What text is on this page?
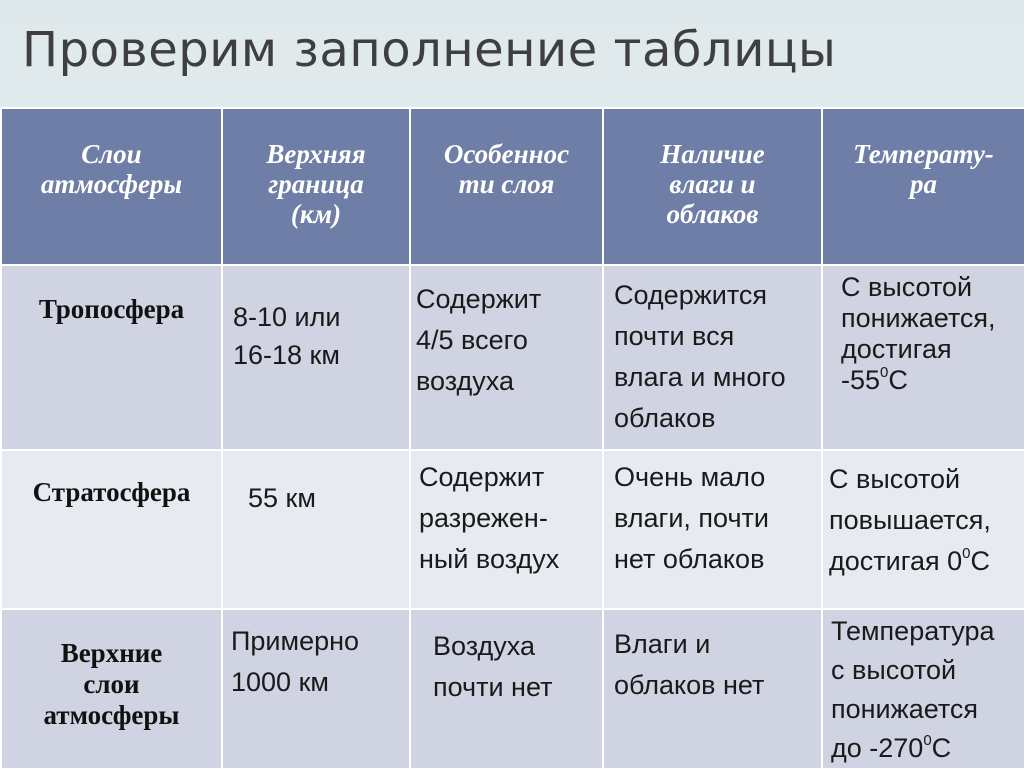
Проверим заполнение таблицы
Слои
атмосферы	Верхняя
граница
(км)	Особеннос
ти слоя	Наличие
влаги и
облаков	Температу-
ра

Тропосфера	8-10 или
16-18 км	Содержит
4/5 всего
воздуха	Содержится
почти вся
влага и много
облаков	С высотой
понижается,
достигая
$-55^0С$

Стратосфера	55 км	Содержит
разрежен-
ный воздух	Очень мало
влаги, почти
нет облаков	С высотой
повышается,
достигая $0^0С$

Верхние
слои
атмосферы	Примерно
1000 км	Воздуха
почти нет	Влаги и
облаков нет	Температура
с высотой
понижается
до $-270^0С$
